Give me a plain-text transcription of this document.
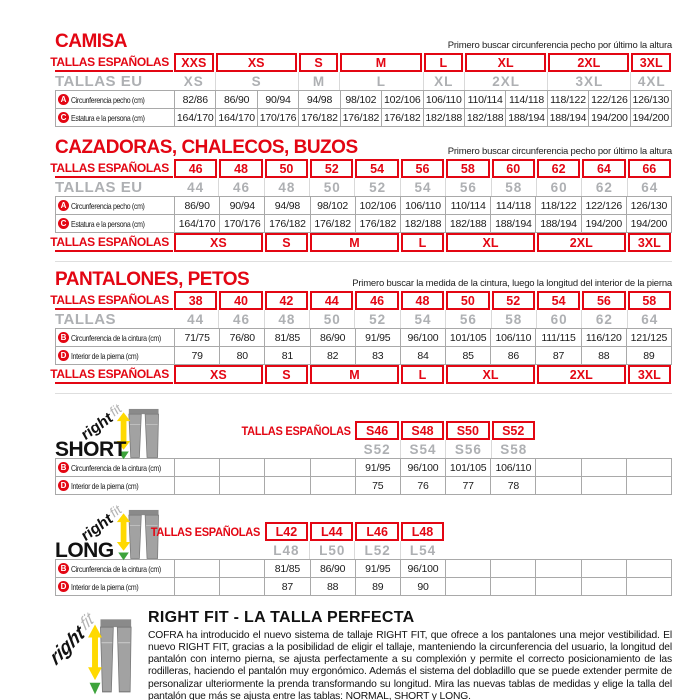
CAMISA	Primero buscar circunferencia pecho por último la altura
TALLAS ESPAÑOLAS XXS	XS	S	M	L	XL	2XL	3XL
TALLAS EU	XS	S	M	L	XL	2XL	3XL	4XL
A Circunferencia pecho (cm)	82/86	86/90	90/94	94/98	98/102 102/106 106/110 110/114 114/118 118/122 122/126 126/130
C Estatura e la persona (cm)	164/170 164/170 170/176 176/182 176/182 176/182 182/188 182/188 188/194 188/194 194/200 194/200
CAZADORAS, CHALECOS, BUZOS	Primero buscar circunferencia pecho por último la altura
TALLAS ESPAÑOLAS	46	48	50	52	54	56	58	60	62	64	66
TALLAS EU	44	46	48	50	52	54	56	58	60	62	64
A Circunferencia pecho (cm)	86/90	90/94	94/98	98/102	102/106 106/110 110/114 114/118 118/122 122/126 126/130
C Estatura e la persona (cm)	164/170 170/176 176/182 176/182 176/182 182/188 182/188 188/194 188/194 194/200 194/200
TALLAS ESPAÑOLAS	XS	S	M	L	XL	2XL	3XL
PANTALONES, PETOS	Primero buscar la medida de la cintura, luego la longitud del interior de la pierna
TALLAS ESPAÑOLAS	38	40	42	44	46	48	50	52	54	56	58
TALLAS	44	46	48	50	52	54	56	58	60	62	64
B Circunferencia de la cintura (cm)	71/75	76/80	81/85	86/90	91/95	96/100	101/105 106/110 111/115 116/120 121/125
D Interior de la pierna (cm)	79	80	81	82	83	84	85	86	87	88	89
TALLAS ESPAÑOLAS	XS	S	M	L	XL	2XL	3XL
SHORT
TALLAS ESPAÑOLAS	S46	S48	S50	S52
S52	S54	S56	S58
B Circunferencia de la cintura (cm)	91/95	96/100	101/105 106/110
D Interior de la pierna (cm)	75	76	77	78
LONG
TALLAS ESPAÑOLAS	L42	L44	L46	L48
L48	L50	L52	L54
B Circunferencia de la cintura (cm)	81/85	86/90	91/95	96/100
D Interior de la pierna (cm)	87	88	89	90
RIGHT FIT - LA TALLA PERFECTA

COFRA ha introducido el nuevo sistema de tallaje RIGHT FIT, que ofrece a los pantalones una mejor vestibilidad. El nuevo RIGHT FIT, gracias a la posibilidad de eligir el tallaje, manteniendo la circunferencia del usuario, la longitud del pantalón con interno pierna, se ajusta perfectamente a su complexión y permite el correcto posicionamiento de las rodilleras, haciendo el pantalón muy ergonómico. Además el sistema del dobladillo que se puede extender permite de personalizar ulteriormente la prenda transformando su longitud. Mira las nuevas tablas de medidas y elige la talla del pantalón que más se ajusta entre las tablas: NORMAL, SHORT y LONG.
